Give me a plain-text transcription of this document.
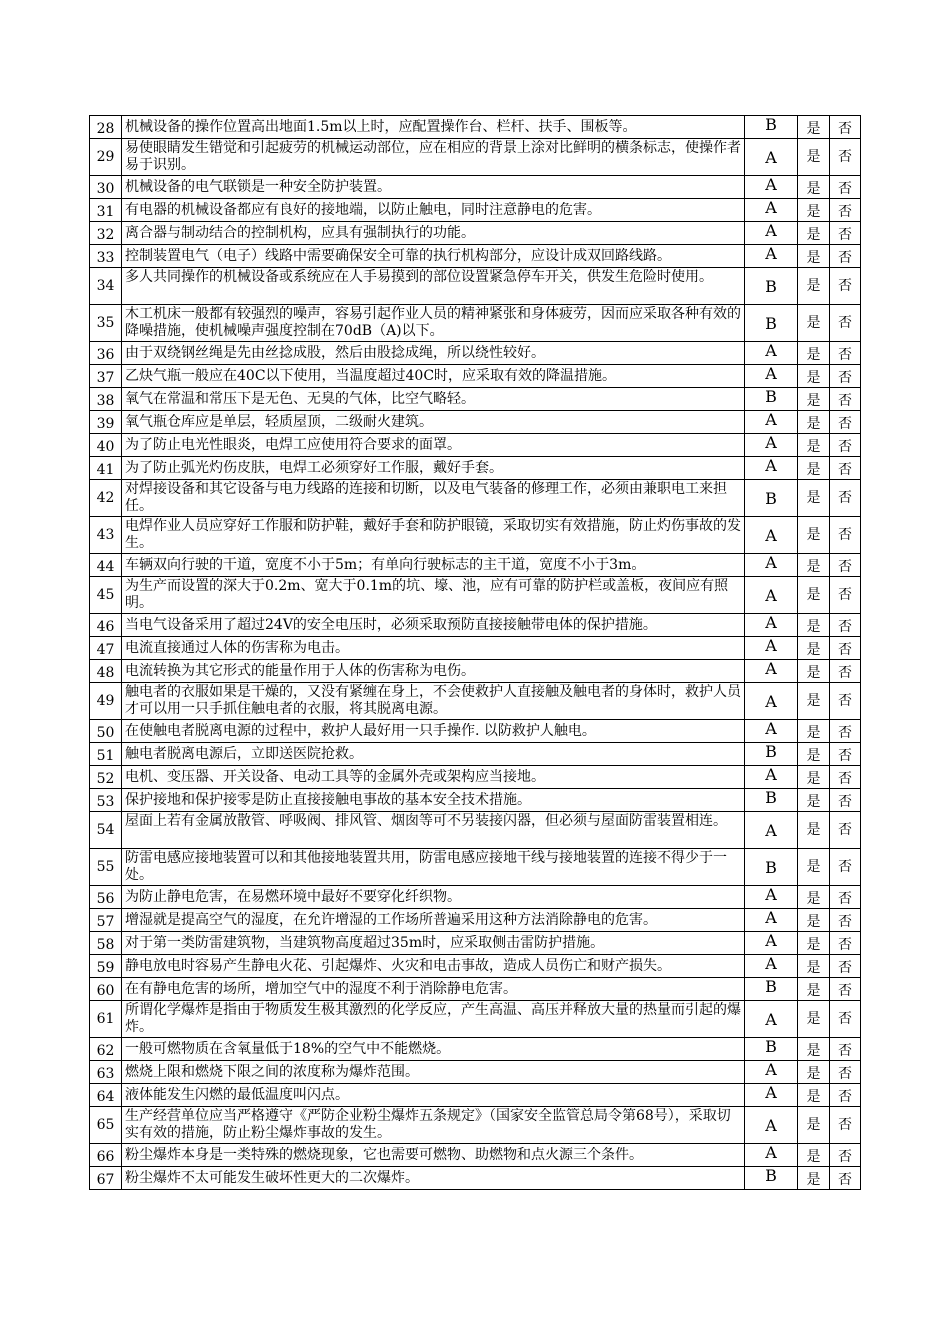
28	机械设备的操作位置高出地面1.5m以上时，应配置操作台、栏杆、扶手、围板等。	B	是	否
29	易使眼睛发生错觉和引起疲劳的机械运动部位，应在相应的背景上涂对比鲜明的横条标志，使操作者易于识别。	A	是	否
30	机械设备的电气联锁是一种安全防护装置。	A	是	否
31	有电器的机械设备都应有良好的接地端，以防止触电，同时注意静电的危害。	A	是	否
32	离合器与制动结合的控制机构，应具有强制执行的功能。	A	是	否
33	控制装置电气（电子）线路中需要确保安全可靠的执行机构部分，应设计成双回路线路。	A	是	否
34	多人共同操作的机械设备或系统应在人手易摸到的部位设置紧急停车开关，供发生危险时使用。	B	是	否
35	木工机床一般都有较强烈的噪声，容易引起作业人员的精神紧张和身体疲劳，因而应采取各种有效的降噪措施，使机械噪声强度控制在70dB（A)以下。	B	是	否
36	由于双绕钢丝绳是先由丝捻成股，然后由股捻成绳，所以绕性较好。	A	是	否
37	乙炔气瓶一般应在40C以下使用，当温度超过40C时，应采取有效的降温措施。	A	是	否
38	氧气在常温和常压下是无色、无臭的气体，比空气略轻。	B	是	否
39	氧气瓶仓库应是单层，轻质屋顶，二级耐火建筑。	A	是	否
40	为了防止电光性眼炎，电焊工应使用符合要求的面罩。	A	是	否
41	为了防止弧光灼伤皮肤，电焊工必须穿好工作服，戴好手套。	A	是	否
42	对焊接设备和其它设备与电力线路的连接和切断，以及电气装备的修理工作，必须由兼职电工来担任。	B	是	否
43	电焊作业人员应穿好工作服和防护鞋，戴好手套和防护眼镜，采取切实有效措施，防止灼伤事故的发生。	A	是	否
44	车辆双向行驶的干道，宽度不小于5m；有单向行驶标志的主干道，宽度不小于3m。	A	是	否
45	为生产而设置的深大于0.2m、宽大于0.1m的坑、壕、池，应有可靠的防护栏或盖板，夜间应有照明。	A	是	否
46	当电气设备采用了超过24V的安全电压时，必须采取预防直接接触带电体的保护措施。	A	是	否
47	电流直接通过人体的伤害称为电击。	A	是	否
48	电流转换为其它形式的能量作用于人体的伤害称为电伤。	A	是	否
49	触电者的衣服如果是干燥的，又没有紧缠在身上，不会使救护人直接触及触电者的身体时，救护人员才可以用一只手抓住触电者的衣服，将其脱离电源。	A	是	否
50	在使触电者脱离电源的过程中，救护人最好用一只手操作. 以防救护人触电。	A	是	否
51	触电者脱离电源后，立即送医院抢救。	B	是	否
52	电机、变压器、开关设备、电动工具等的金属外壳或架构应当接地。	A	是	否
53	保护接地和保护接零是防止直接接触电事故的基本安全技术措施。	B	是	否
54	屋面上若有金属放散管、呼吸阀、排风管、烟囱等可不另装接闪器，但必须与屋面防雷装置相连。	A	是	否
55	防雷电感应接地装置可以和其他接地装置共用，防雷电感应接地干线与接地装置的连接不得少于一处。	B	是	否
56	为防止静电危害，在易燃环境中最好不要穿化纤织物。	A	是	否
57	增湿就是提高空气的湿度，在允许增湿的工作场所普遍采用这种方法消除静电的危害。	A	是	否
58	对于第一类防雷建筑物，当建筑物高度超过35m时，应采取侧击雷防护措施。	A	是	否
59	静电放电时容易产生静电火花、引起爆炸、火灾和电击事故，造成人员伤亡和财产损失。	A	是	否
60	在有静电危害的场所，增加空气中的湿度不利于消除静电危害。	B	是	否
61	所谓化学爆炸是指由于物质发生极其激烈的化学反应，产生高温、高压并释放大量的热量而引起的爆炸。	A	是	否
62	一般可燃物质在含氧量低于18%的空气中不能燃烧。	B	是	否
63	燃烧上限和燃烧下限之间的浓度称为爆炸范围。	A	是	否
64	液体能发生闪燃的最低温度叫闪点。	A	是	否
65	生产经营单位应当严格遵守《严防企业粉尘爆炸五条规定》（国家安全监管总局令第68号），采取切实有效的措施，防止粉尘爆炸事故的发生。	A	是	否
66	粉尘爆炸本身是一类特殊的燃烧现象，它也需要可燃物、助燃物和点火源三个条件。	A	是	否
67	粉尘爆炸不太可能发生破坏性更大的二次爆炸。	B	是	否
